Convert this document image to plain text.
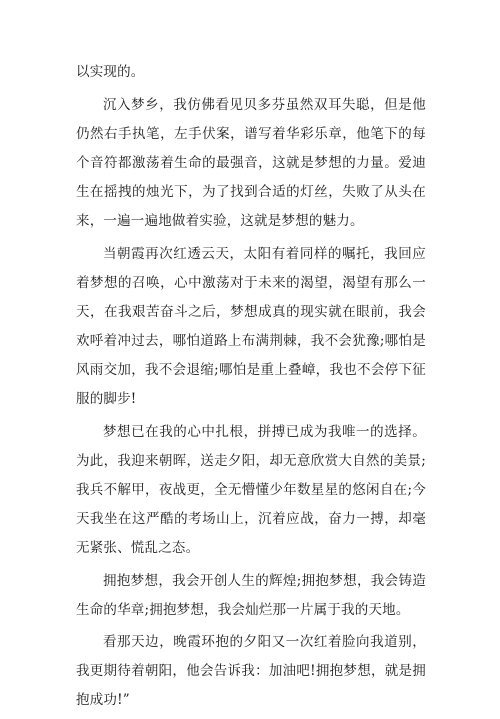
以实现的。

沉入梦乡，我仿佛看见贝多芬虽然双耳失聪，但是他仍然右手执笔，左手伏案，谱写着华彩乐章，他笔下的每个音符都激荡着生命的最强音，这就是梦想的力量。爱迪生在摇拽的烛光下，为了找到合适的灯丝，失败了从头在来，一遍一遍地做着实验，这就是梦想的魅力。

当朝霞再次红透云天，太阳有着同样的嘱托，我回应着梦想的召唤，心中激荡对于未来的渴望，渴望有那么一天，在我艰苦奋斗之后，梦想成真的现实就在眼前，我会欢呼着冲过去，哪怕道路上布满荆棘，我不会犹豫;哪怕是风雨交加，我不会退缩;哪怕是重上叠嶂，我也不会停下征服的脚步!

梦想已在我的心中扎根，拼搏已成为我唯一的选择。为此，我迎来朝晖，送走夕阳，却无意欣赏大自然的美景;我兵不解甲，夜战更，全无懵懂少年数星星的悠闲自在;今天我坐在这严酷的考场山上，沉着应战，奋力一搏，却毫无紧张、慌乱之态。

拥抱梦想，我会开创人生的辉煌;拥抱梦想，我会铸造生命的华章;拥抱梦想，我会灿烂那一片属于我的天地。

看那天边，晚霞环抱的夕阳又一次红着脸向我道别，我更期待着朝阳，他会告诉我：加油吧!拥抱梦想，就是拥抱成功!”
